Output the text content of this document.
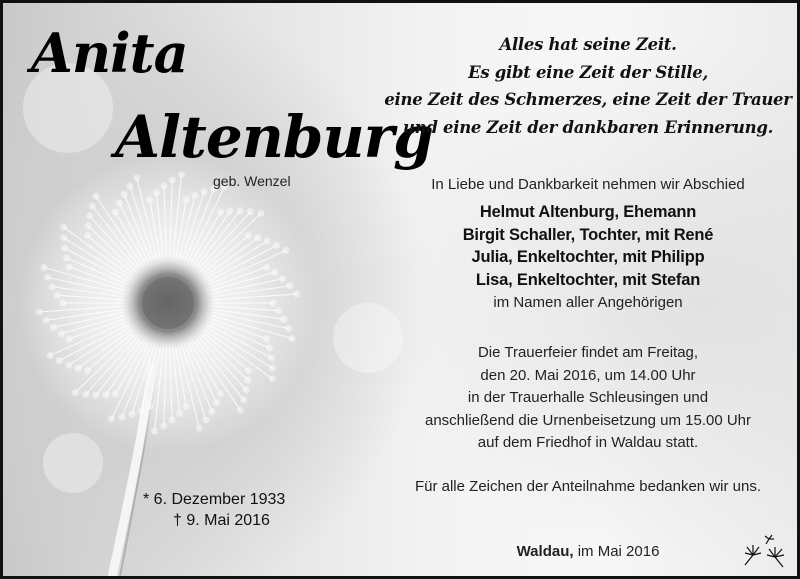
Anita
Altenburg
geb. Wenzel
* 6. Dezember 1933
† 9. Mai 2016
Alles hat seine Zeit.
Es gibt eine Zeit der Stille,
eine Zeit des Schmerzes, eine Zeit der Trauer
und eine Zeit der dankbaren Erinnerung.
In Liebe und Dankbarkeit nehmen wir Abschied
Helmut Altenburg, Ehemann
Birgit Schaller, Tochter, mit René
Julia, Enkeltochter, mit Philipp
Lisa, Enkeltochter, mit Stefan
im Namen aller Angehörigen
Die Trauerfeier findet am Freitag,
den 20. Mai 2016, um 14.00 Uhr
in der Trauerhalle Schleusingen und
anschließend die Urnenbeisetzung um 15.00 Uhr
auf dem Friedhof in Waldau statt.
Für alle Zeichen der Anteilnahme bedanken wir uns.
Waldau, im Mai 2016
